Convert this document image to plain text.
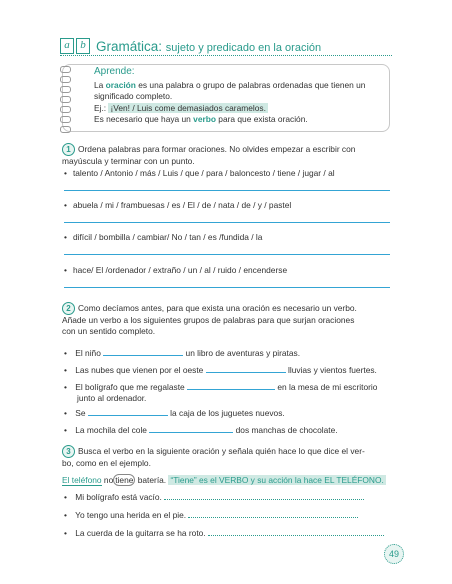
a b Gramática: sujeto y predicado en la oración
Aprende:
La oración es una palabra o grupo de palabras ordenadas que tienen un
significado completo.
Ej.: ¡Ven! / Luis come demasiados caramelos.
Es necesario que haya un verbo para que exista oración.
1 Ordena palabras para formar oraciones. No olvides empezar a escribir con
mayúscula y terminar con un punto.
• talento / Antonio / más / Luis / que / para / baloncesto / tiene / jugar / al
• abuela / mi / frambuesas / es / El / de / nata / de / y / pastel
• difícil / bombilla / cambiar/ No / tan / es /fundida / la
• hace/ El /ordenador / extraño / un / al / ruido / encenderse
2 Como decíamos antes, para que exista una oración es necesario un verbo.
Añade un verbo a los siguientes grupos de palabras para que surjan oraciones
con un sentido completo.
• El niño	un libro de aventuras y piratas.
• Las nubes que vienen por el oeste	lluvias y vientos fuertes.
• El bolígrafo que me regalaste	en la mesa de mi escritorio
junto al ordenador.
• Se	la caja de los juguetes nuevos.
• La mochila del cole	dos manchas de chocolate.
3 Busca el verbo en la siguiente oración y señala quién hace lo que dice el ver-
bo, como en el ejemplo.
El teléfono no tiene batería. “Tiene” es el VERBO y su acción la hace EL TELÉFONO.
• Mi bolígrafo está vacío.
• Yo tengo una herida en el pie.
• La cuerda de la guitarra se ha roto.
49
